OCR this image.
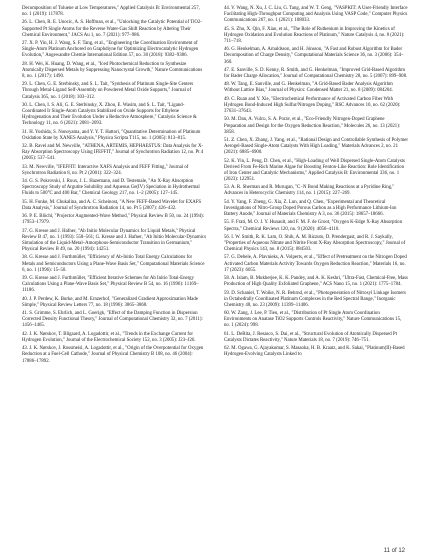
Decomposition of Toluene at Low Temperatures," Applied Catalysis B: Environmental 257, no. 1 (2019): 117878.

26. L. Chen, R. E. Unocic, A. S. Hoffman, et al., "Unlocking the Catalytic Potential of TiO2-Supported Pt Single Atoms for the Reverse Water-Gas Shift Reaction by Altering Their Chemical Environment," JACS Au 1, no. 7 (2021): 977–986.

27. X. P. Yin, H. J. Wang, S. F. Tang, et al., "Engineering the Coordination Environment of Single-Atom Platinum Anchored on Graphdiyne for Optimizing Electrocatalytic Hydrogen Evolution," Angewandte Chemie International Edition 57, no. 30 (2018): 9382–9386.

28. H. Wei, K. Huang, D. Wang, et al., "Iced Photochemical Reduction to Synthesize Atomically Dispersed Metals by Suppressing Nanocrystal Growth," Nature Communications 8, no. 1 (2017): 1490.

29. L. Chen, G. E. Sterbinsky, and S. L. Tait, "Synthesis of Platinum Single-Site Centers Through Metal-Ligand Self-Assembly on Powdered Metal Oxide Supports," Journal of Catalysis 365, no. 1 (2018): 303–312.

30. L. Chen, I. S. Ali, G. E. Sterbinsky, X. Zhou, E. Wasim, and S. L. Tait, "Ligand-Coordinated Ir Single-Atom Catalysts Stabilized on Oxide Supports for Ethylene Hydrogenation and Their Evolution Under a Reductive Atmosphere," Catalysis Science & Technology 11, no. 6 (2021): 2081–2093.

31. H. Yoshida, S. Nonoyama, and Y. Y. T. Hattori, "Quantitative Determination of Platinum Oxidation State by XANES Analysis," Physica Scripta T115, no. 1 (2005): 813–815.

32. B. Ravel and M. Newville, "ATHENA, ARTEMIS, HEPHAESTUS: Data Analysis for X-Ray Absorption Spectroscopy Using IFEFFIT," Journal of Synchrotron Radiation 12, no. Pt 4 (2005): 537–541.

33. M. Newville, "IFEFFIT: Interactive XAFS Analysis and FEFF Fitting," Journal of Synchrotron Radiation 8, no. Pt 2 (2001): 322–324.

34. G. S. Pokrovski, J. Roux, J. L. Hazemann, and D. Testemale, "An X-Ray Absorption Spectroscopy Study of Argutite Solubility and Aqueous Ge(IV) Speciation in Hydrothermal Fluids to 500°C and 400 Bar," Chemical Geology 217, no. 1–2 (2005): 127–145.

35. H. Funke, M. Chukalina, and A. C. Scheinost, "A New FEFF-Based Wavelet for EXAFS Data Analysis," Journal of Synchrotron Radiation 14, no. Pt 5 (2007): 426–432.

36. P. E. Blöchl, "Projector Augmented-Wave Method," Physical Review B 50, no. 24 (1994): 17953–17979.

37. G. Kresse and J. Hafner, "Ab Initio Molecular Dynamics for Liquid Metals," Physical Review B 47, no. 1 (1993): 558–561; G. Kresse and J. Hafner, "Ab Initio Molecular-Dynamics Simulation of the Liquid-Metal–Amorphous-Semiconductor Transition in Germanium," Physical Review B 49, no. 20 (1994): 14251.

38. G. Kresse and J. Furthmüller, "Efficiency of Ab-Initio Total Energy Calculations for Metals and Semiconductors Using a Plane-Wave Basis Set," Computational Materials Science 6, no. 1 (1996): 15–50.

39. G. Kresse and J. Furthmüller, "Efficient Iterative Schemes for Ab Initio Total-Energy Calculations Using a Plane-Wave Basis Set," Physical Review B 54, no. 16 (1996): 11169–11186.

40. J. P. Perdew, K. Burke, and M. Ernzerhof, "Generalized Gradient Approximation Made Simple," Physical Review Letters 77, no. 18 (1996): 3865–3868.

41. S. Grimme, S. Ehrlich, and L. Goerigk, "Effect of the Damping Function in Dispersion Corrected Density Functional Theory," Journal of Computational Chemistry 32, no. 7 (2011): 1456–1465.

42. J. K. Nørskov, T. Bligaard, A. Logadottir, et al., "Trends in the Exchange Current for Hydrogen Evolution," Journal of the Electrochemical Society 152, no. 3 (2005): J23–J26.

43. J. K. Nørskov, J. Rossmeisl, A. Logadottir, et al., "Origin of the Overpotential for Oxygen Reduction at a Fuel-Cell Cathode," Journal of Physical Chemistry B 108, no. 46 (2004): 17886–17892.

44. V. Wang, N. Xu, J. C. Liu, G. Tang, and W. T. Geng, "VASPKIT: A User-Friendly Interface Facilitating High-Throughput Computing and Analysis Using VASP Code," Computer Physics Communications 267, no. 1 (2021): 108033.

45. S. Zhu, X. Qin, F. Xiao, et al., "The Role of Ruthenium in Improving the Kinetics of Hydrogen Oxidation and Evolution Reactions of Platinum," Nature Catalysis 4, no. 8 (2021): 711–718.

46. G. Henkelman, A. Arnaldsson, and H. Jónsson, "A Fast and Robust Algorithm for Bader Decomposition of Charge Density," Computational Materials Science 36, no. 3 (2006): 354–360.

47. E. Sanville, S. D. Kenny, R. Smith, and G. Henkelman, "Improved Grid-Based Algorithm for Bader Charge Allocation," Journal of Computational Chemistry 28, no. 5 (2007): 899–908.

48. W. Tang, E. Sanville, and G. Henkelman, "A Grid-Based Bader Analysis Algorithm Without Lattice Bias," Journal of Physics: Condensed Matter 21, no. 8 (2009): 084204.

49. C. Ruan and Y. Xie, "Electrochemical Performance of Activated Carbon Fiber With Hydrogen Bond-Induced High Sulfur/Nitrogen Doping," RSC Advances 10, no. 62 (2020): 37631–37643.

50. M. Dan, A. Vulcu, S. A. Porav, et al., "Eco-Friendly Nitrogen-Doped Graphene Preparation and Design for the Oxygen Reduction Reaction," Molecules 26, no. 13 (2021): 3858.

51. Z. Chen, X. Zhang, J. Yang, et al., "Rational Design and Controllable Synthesis of Polymer Aerogel-Based Single-Atom Catalysts With High Loading," Materials Advances 2, no. 21 (2021): 6885–6900.

52. K. Yin, L. Peng, D. Chen, et al., "High-Loading of Well Dispersed Single-Atom Catalysts Derived From Fe-Rich Marine Algae for Boosting Fenton-Like Reaction: Role Identification of Iron Center and Catalytic Mechanisms," Applied Catalysis B: Environmental 336, no. 1 (2023): 122951.

53. A. R. Sherman and R. Murugan, "C−N Bond Making Reactions at a Pyridine Ring," Advances in Heterocyclic Chemistry 114, no. 1 (2015): 227–269.

54. Y. Yang, F. Zheng, G. Xia, Z. Lun, and Q. Chen, "Experimental and Theoretical Investigations of Nitro-Group Doped Porous Carbon as a High Performance Lithium-Ion Battery Anode," Journal of Materials Chemistry A 3, no. 36 (2015): 18657–18666.

55. F. Frati, M. O. J. Y. Hunault, and F. M. F. de Groot, "Oxygen K-Edge X-Ray Absorption Spectra," Chemical Reviews 120, no. 9 (2020): 4056–4110.

56. I. W. Smith, R. K. Lam, O. Shih, A. M. Rizzuto, D. Prendergast, and R. J. Saykally, "Properties of Aqueous Nitrate and Nitrite From X-Ray Absorption Spectroscopy," Journal of Chemical Physics 143, no. 8 (2015): 084503.

57. G. Debele, A. Plavnieks, A. Volperts, et al., "Effect of Pretreatment on the Nitrogen Doped Activated Carbon Materials Activity Towards Oxygen Reduction Reaction," Materials 16, no. 17 (2023): 6055.

58. A. Islam, B. Mukherjee, K. K. Pandey, and A. K. Keshri, "Ultra-Fast, Chemical-Free, Mass Production of High Quality Exfoliated Graphene," ACS Nano 15, no. 1 (2021): 1775–1784.

59. D. Schaniel, T. Woike, N. R. Behrnd, et al., "Photogeneration of Nitrosyl Linkage Isomers in Octahedrally Coordinated Platinum Complexes in the Red Spectral Range," Inorganic Chemistry 48, no. 23 (2009): 11399–11406.

60. W. Zang, J. Lee, P. Tieu, et al., "Distribution of Pt Single Atom Coordination Environments on Anatase TiO2 Supports Controls Reactivity," Nature Communications 15, no. 1 (2024): 998.

61. L. DeRita, J. Resasco, S. Dai, et al., "Structural Evolution of Atomically Dispersed Pt Catalysts Dictates Reactivity," Nature Materials 18, no. 7 (2019): 746–751.

62. M. Ogawa, G. Ajayakumar, S. Masaoka, H. B. Kraatz, and K. Sakai, "Platinum(II)-Based Hydrogen-Evolving Catalysts Linked to

11 of 12
